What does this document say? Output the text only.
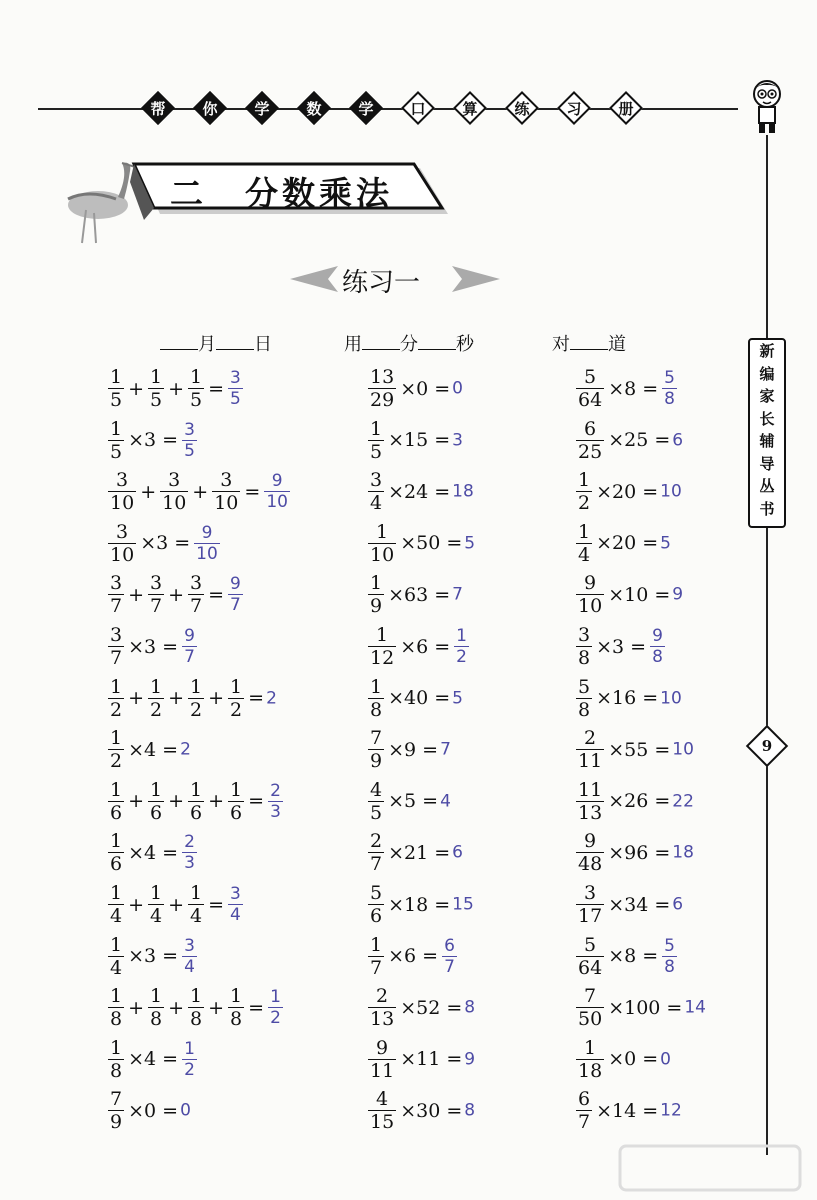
帮	你	学	数	学	口	算	练	习	册
新
编
家
长
辅
导
丛
书
9
二 分数乘法
练习一
月 日	用 分 秒	对 道
$\frac{1}{5} + \frac{1}{5} + \frac{1}{5} = \frac{3}{5}$
$\frac{1}{5} \times 3 = \frac{3}{5}$
$\frac{3}{10} + \frac{3}{10} + \frac{3}{10} = \frac{9}{10}$
$\frac{3}{10} \times 3 = \frac{9}{10}$
$\frac{3}{7} + \frac{3}{7} + \frac{3}{7} = \frac{9}{7}$
$\frac{3}{7} \times 3 = \frac{9}{7}$
$\frac{1}{2} + \frac{1}{2} + \frac{1}{2} + \frac{1}{2} = 2$
$\frac{1}{2} \times 4 = 2$
$\frac{1}{6} + \frac{1}{6} + \frac{1}{6} + \frac{1}{6} = \frac{2}{3}$
$\frac{1}{6} \times 4 = \frac{2}{3}$
$\frac{1}{4} + \frac{1}{4} + \frac{1}{4} = \frac{3}{4}$
$\frac{1}{4} \times 3 = \frac{3}{4}$
$\frac{1}{8} + \frac{1}{8} + \frac{1}{8} + \frac{1}{8} = \frac{1}{2}$
$\frac{1}{8} \times 4 = \frac{1}{2}$
$\frac{7}{9} \times 0 = 0$
$\frac{13}{29} \times 0 = 0$
$\frac{1}{5} \times 15 = 3$
$\frac{3}{4} \times 24 = 18$
$\frac{1}{10} \times 50 = 5$
$\frac{1}{9} \times 63 = 7$
$\frac{1}{12} \times 6 = \frac{1}{2}$
$\frac{1}{8} \times 40 = 5$
$\frac{7}{9} \times 9 = 7$
$\frac{4}{5} \times 5 = 4$
$\frac{2}{7} \times 21 = 6$
$\frac{5}{6} \times 18 = 15$
$\frac{1}{7} \times 6 = \frac{6}{7}$
$\frac{2}{13} \times 52 = 8$
$\frac{9}{11} \times 11 = 9$
$\frac{4}{15} \times 30 = 8$
$\frac{5}{64} \times 8 = \frac{5}{8}$
$\frac{6}{25} \times 25 = 6$
$\frac{1}{2} \times 20 = 10$
$\frac{1}{4} \times 20 = 5$
$\frac{9}{10} \times 10 = 9$
$\frac{3}{8} \times 3 = \frac{9}{8}$
$\frac{5}{8} \times 16 = 10$
$\frac{2}{11} \times 55 = 10$
$\frac{11}{13} \times 26 = 22$
$\frac{9}{48} \times 96 = 18$
$\frac{3}{17} \times 34 = 6$
$\frac{5}{64} \times 8 = \frac{5}{8}$
$\frac{7}{50} \times 100 = 14$
$\frac{1}{18} \times 0 = 0$
$\frac{6}{7} \times 14 = 12$
